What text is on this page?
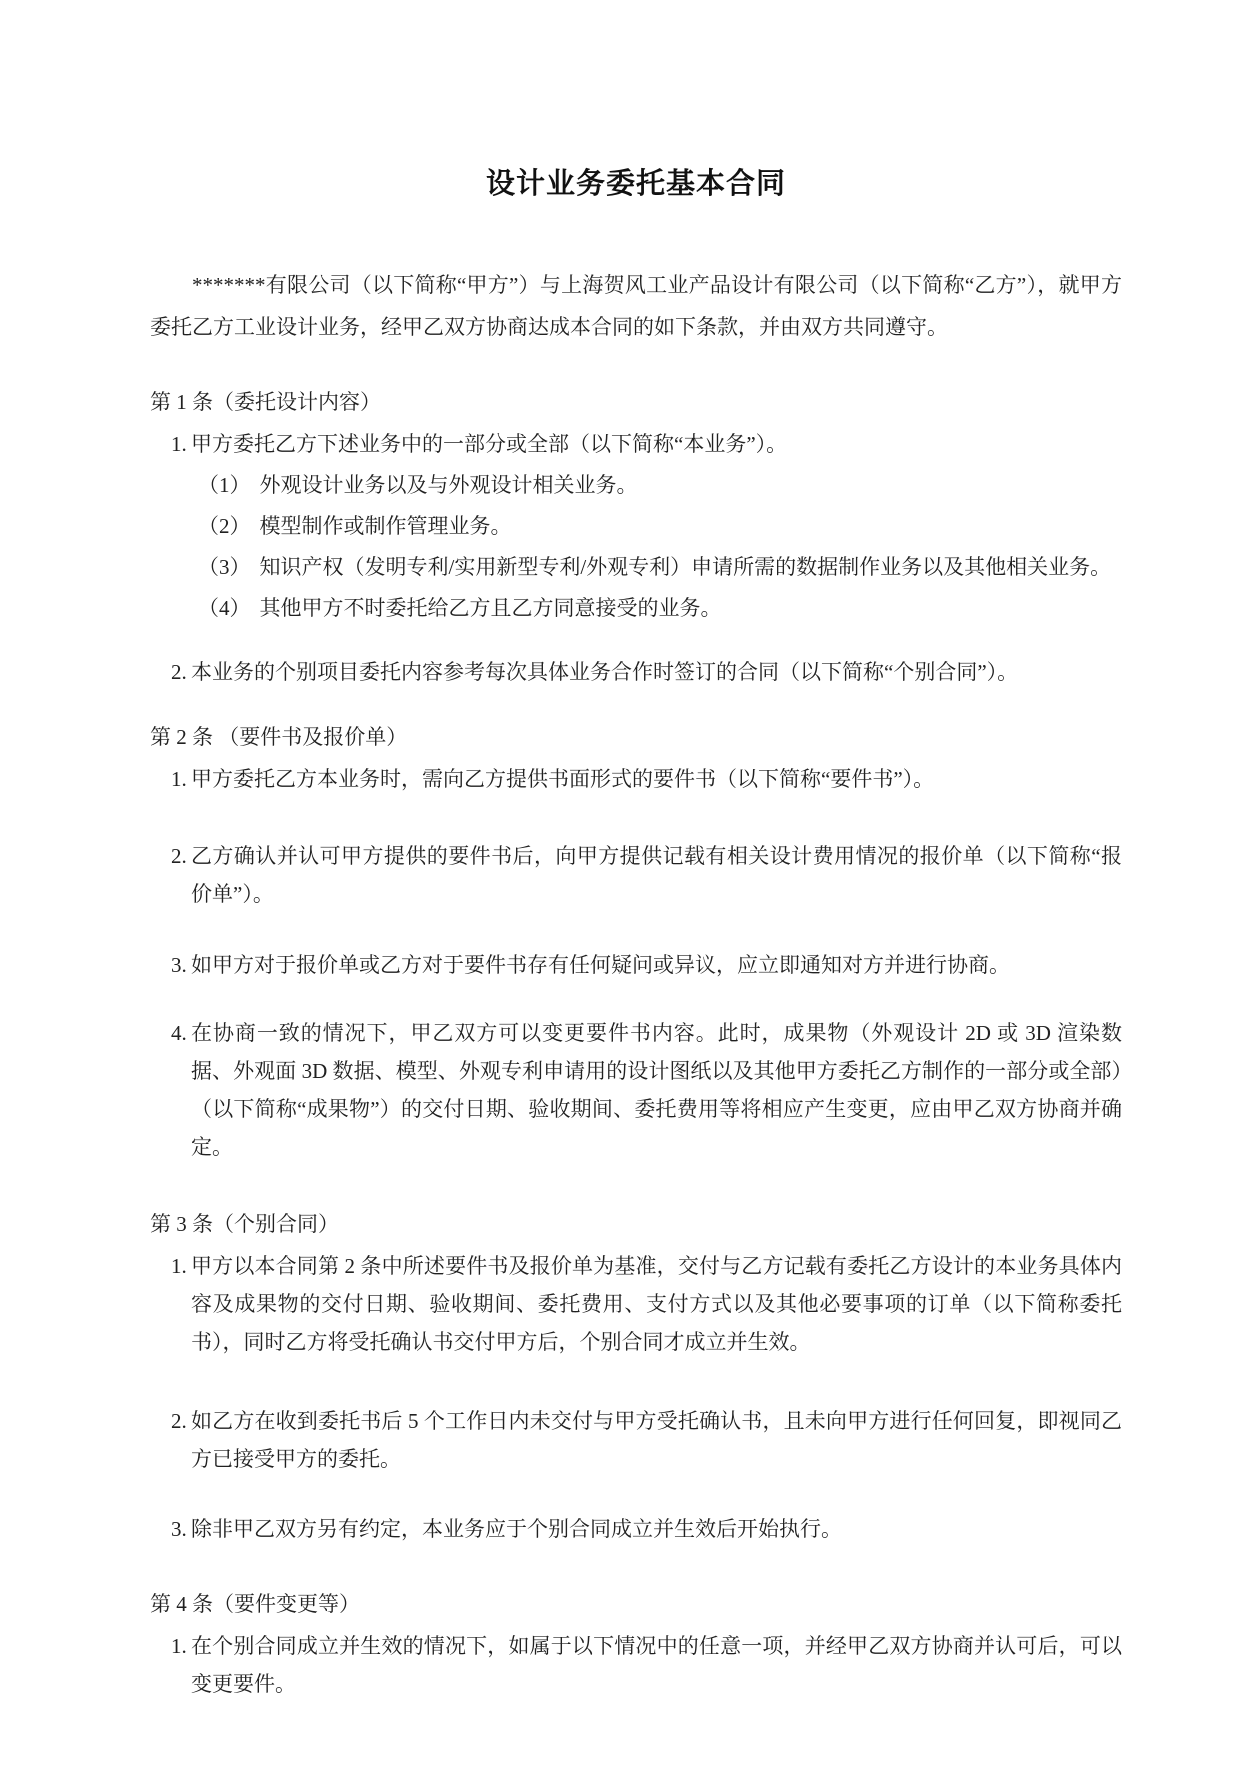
设计业务委托基本合同

*******有限公司（以下简称“甲方”）与上海贺风工业产品设计有限公司（以下简称“乙方”），就甲方委托乙方工业设计业务，经甲乙双方协商达成本合同的如下条款，并由双方共同遵守。

第 1 条（委托设计内容）
1. 甲方委托乙方下述业务中的一部分或全部（以下简称“本业务”）。
（1） 外观设计业务以及与外观设计相关业务。
（2） 模型制作或制作管理业务。
（3） 知识产权（发明专利/实用新型专利/外观专利）申请所需的数据制作业务以及其他相关业务。
（4） 其他甲方不时委托给乙方且乙方同意接受的业务。
2. 本业务的个别项目委托内容参考每次具体业务合作时签订的合同（以下简称“个别合同”）。
第 2 条 （要件书及报价单）
1. 甲方委托乙方本业务时，需向乙方提供书面形式的要件书（以下简称“要件书”）。
2. 乙方确认并认可甲方提供的要件书后，向甲方提供记载有相关设计费用情况的报价单（以下简称“报价单”）。
3. 如甲方对于报价单或乙方对于要件书存有任何疑问或异议，应立即通知对方并进行协商。
4. 在协商一致的情况下，甲乙双方可以变更要件书内容。此时，成果物（外观设计 2D 或 3D 渲染数据、外观面 3D 数据、模型、外观专利申请用的设计图纸以及其他甲方委托乙方制作的一部分或全部）（以下简称“成果物”）的交付日期、验收期间、委托费用等将相应产生变更，应由甲乙双方协商并确定。
第 3 条（个别合同）
1. 甲方以本合同第 2 条中所述要件书及报价单为基准，交付与乙方记载有委托乙方设计的本业务具体内容及成果物的交付日期、验收期间、委托费用、支付方式以及其他必要事项的订单（以下简称委托书），同时乙方将受托确认书交付甲方后，个别合同才成立并生效。
2. 如乙方在收到委托书后 5 个工作日内未交付与甲方受托确认书，且未向甲方进行任何回复，即视同乙方已接受甲方的委托。
3. 除非甲乙双方另有约定，本业务应于个别合同成立并生效后开始执行。
第 4 条（要件变更等）
1. 在个别合同成立并生效的情况下，如属于以下情况中的任意一项，并经甲乙双方协商并认可后，可以变更要件。
